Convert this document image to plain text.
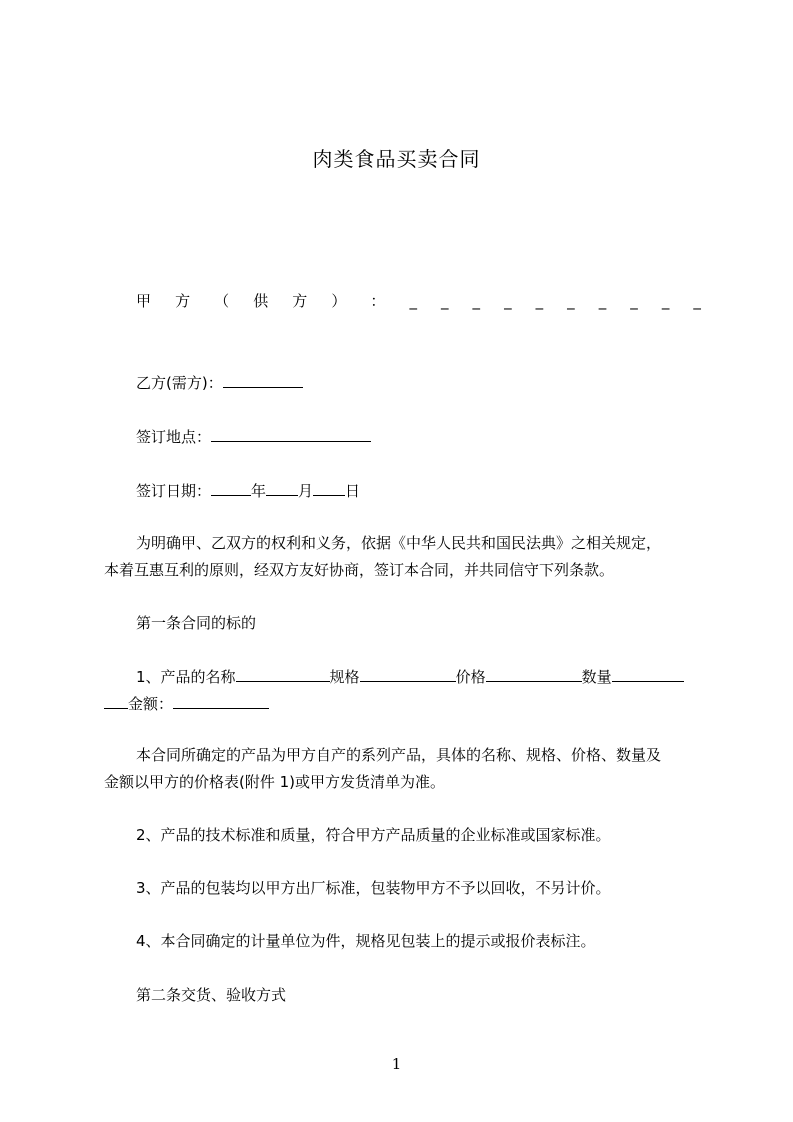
肉类食品买卖合同
甲 方 （ 供 方 ） ： _ _ _ _ _ _ _ _ _ _
乙方(需方)：
签订地点：
签订日期：	年 月 日
为明确甲、乙双方的权利和义务，依据《中华人民共和国民法典》之相关规定，
本着互惠互利的原则，经双方友好协商，签订本合同，并共同信守下列条款。
第一条合同的标的
1、产品的名称	规格	价格	数量
金额：
本合同所确定的产品为甲方自产的系列产品，具体的名称、规格、价格、数量及
金额以甲方的价格表(附件 1)或甲方发货清单为准。
2、产品的技术标准和质量，符合甲方产品质量的企业标准或国家标准。
3、产品的包装均以甲方出厂标准，包装物甲方不予以回收，不另计价。
4、本合同确定的计量单位为件，规格见包装上的提示或报价表标注。
第二条交货、验收方式
1
